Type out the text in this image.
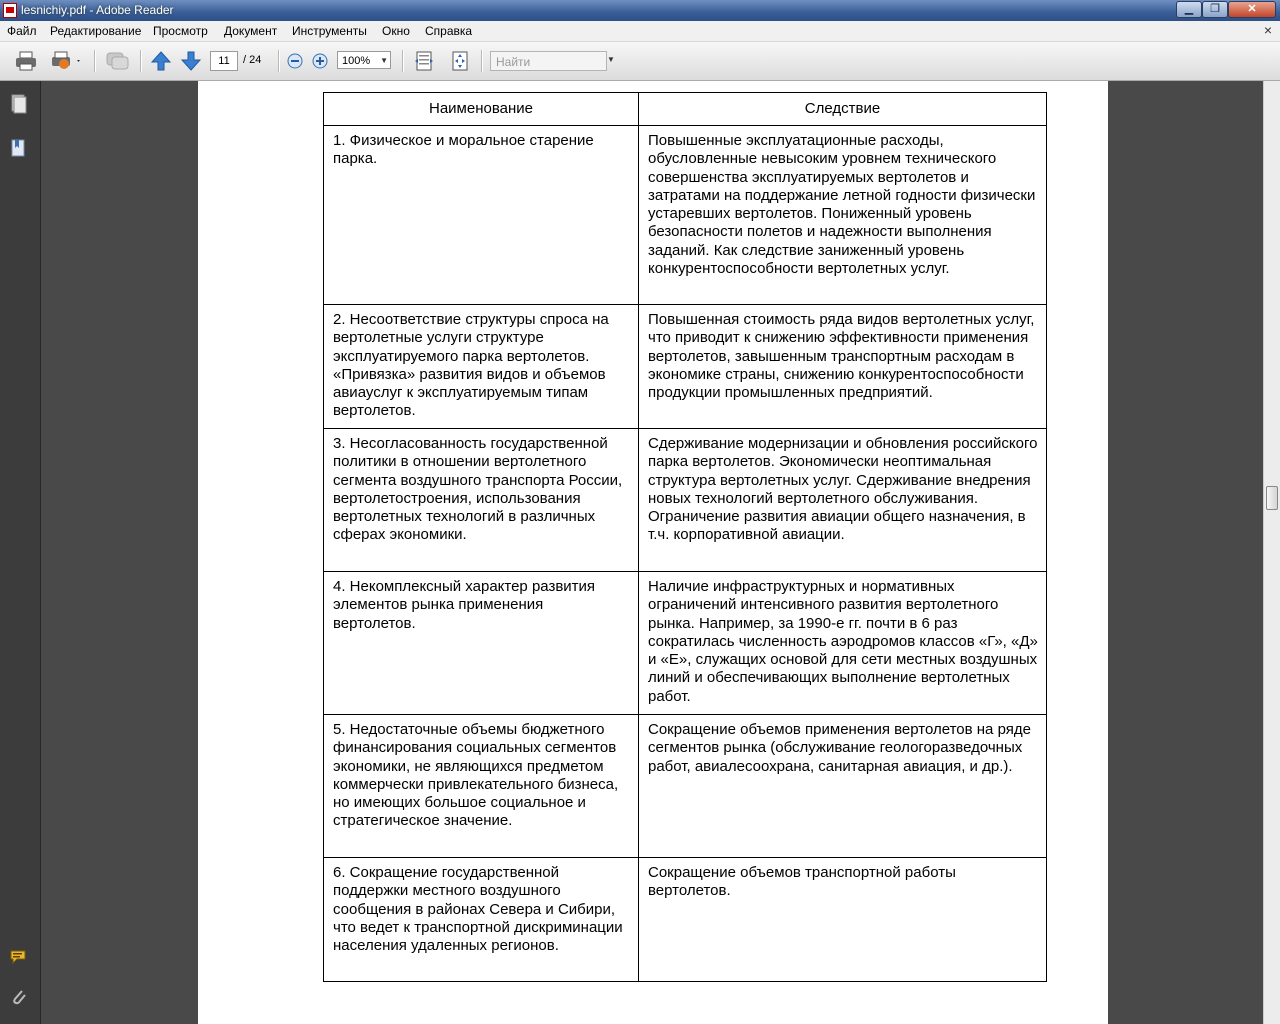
lesnichiy.pdf - Adobe Reader	▁	❐	✕
Файл Редактирование Просмотр Документ Инструменты Окно Справка	×
11	/ 24	100% ▼	Найти	▼
Наименование	Следствие
1. Физическое и моральное старение парка.	Повышенные эксплуатационные расходы, обусловленные невысоким уровнем технического совершенства эксплуатируемых вертолетов и затратами на поддержание летной годности физически устаревших вертолетов. Пониженный уровень безопасности полетов и надежности выполнения заданий. Как следствие заниженный уровень конкурентоспособности вертолетных услуг.
2. Несоответствие структуры спроса на вертолетные услуги структуре эксплуатируемого парка вертолетов. «Привязка» развития видов и объемов авиауслуг к эксплуатируемым типам вертолетов.	Повышенная стоимость ряда видов вертолетных услуг, что приводит к снижению эффективности применения вертолетов, завышенным транспортным расходам в экономике страны, снижению конкурентоспособности продукции промышленных предприятий.
3. Несогласованность государственной политики в отношении вертолетного сегмента воздушного транспорта России, вертолетостроения, использования вертолетных технологий в различных сферах экономики.	Сдерживание модернизации и обновления российского парка вертолетов. Экономически неоптимальная структура вертолетных услуг. Сдерживание внедрения новых технологий вертолетного обслуживания. Ограничение развития авиации общего назначения, в т.ч. корпоративной авиации.
4. Некомплексный характер развития элементов рынка применения вертолетов.	Наличие инфраструктурных и нормативных ограничений интенсивного развития вертолетного рынка. Например, за 1990-е гг. почти в 6 раз сократилась численность аэродромов классов «Г», «Д» и «Е», служащих основой для сети местных воздушных линий и обеспечивающих выполнение вертолетных работ.
5. Недостаточные объемы бюджетного финансирования социальных сегментов экономики, не являющихся предметом коммерчески привлекательного бизнеса, но имеющих большое социальное и стратегическое значение.	Сокращение объемов применения вертолетов на ряде сегментов рынка (обслуживание геологоразведочных работ, авиалесоохрана, санитарная авиация, и др.).
6. Сокращение государственной поддержки местного воздушного сообщения в районах Севера и Сибири, что ведет к транспортной дискриминации населения удаленных регионов.	Сокращение объемов транспортной работы вертолетов.
